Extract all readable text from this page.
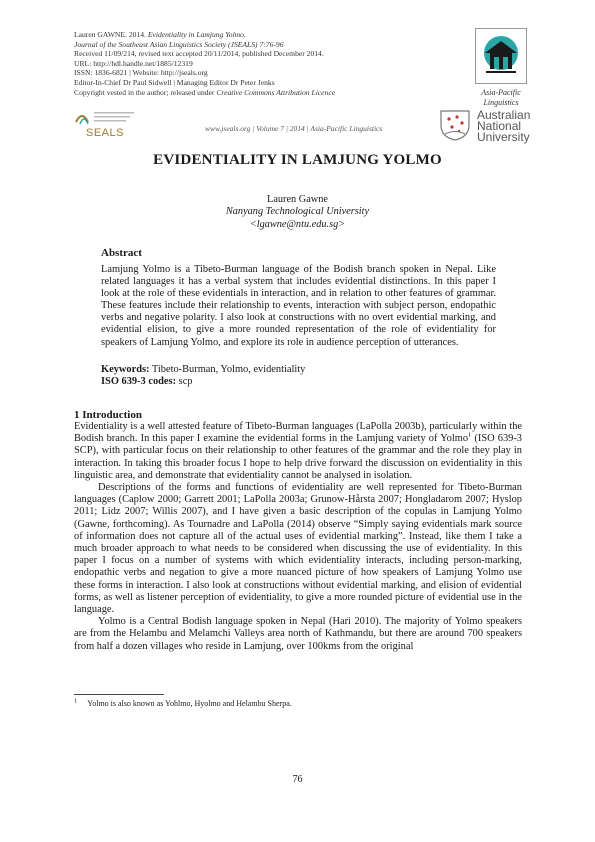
Lauren GAWNE. 2014. Evidentiality in Lamjung Yolmo.
Journal of the Southeast Asian Linguistics Society (JSEALS) 7:76-96
Received 11/09/214, revised text accepted 20/11/2014, published December 2014.
URL: http://hdl.handle.net/1885/12319
ISSN: 1836-6821 | Website: http://jseals.org
Editor-In-Chief Dr Paul Sidwell | Managing Editor Dr Peter Jenks
Copyright vested in the author; released under Creative Commons Attribution Licence	Asia-Pacific
Linguistics
SEALS	www.jseals.org | Volume 7 | 2014 | Asia-Pacific Linguistics
Australian
National
University
EVIDENTIALITY IN LAMJUNG YOLMO
Lauren Gawne
Nanyang Technological University
<lgawne@ntu.edu.sg>
Abstract
Lamjung Yolmo is a Tibeto-Burman language of the Bodish branch spoken in Nepal. Like related languages it has a verbal system that includes evidential distinctions. In this paper I look at the role of these evidentials in interaction, and in relation to other features of grammar. These features include their relationship to events, interaction with subject person, endopathic verbs and negative polarity. I also look at constructions with no overt evidential marking, and evidential elision, to give a more rounded representation of the role of evidentiality for speakers of Lamjung Yolmo, and explore its role in audience perception of utterances.
Keywords: Tibeto-Burman, Yolmo, evidentiality
ISO 639-3 codes: scp
1 Introduction

Evidentiality is a well attested feature of Tibeto-Burman languages (LaPolla 2003b), particularly within the Bodish branch. In this paper I examine the evidential forms in the Lamjung variety of Yolmo$^1$ (ISO 639-3 SCP), with particular focus on their relationship to other features of the grammar and the role they play in interaction. In taking this broader focus I hope to help drive forward the discussion on evidentiality in this linguistic area, and demonstrate that evidentiality cannot be analysed in isolation.

Descriptions of the forms and functions of evidentiality are well represented for Tibeto-Burman languages (Caplow 2000; Garrett 2001; LaPolla 2003a; Grunow-Hårsta 2007; Hongladarom 2007; Hyslop 2011; Lidz 2007; Willis 2007), and I have given a basic description of the copulas in Lamjung Yolmo (Gawne, forthcoming). As Tournadre and LaPolla (2014) observe “Simply saying evidentials mark source of information does not capture all of the actual uses of evidential marking”. Instead, like them I take a much broader approach to what needs to be considered when discussing the use of evidentiality. In this paper I focus on a number of systems with which evidentiality interacts, including person-marking, endopathic verbs and negation to give a more nuanced picture of how speakers of Lamjung Yolmo use these forms in interaction. I also look at constructions without evidential marking, and elision of evidential forms, as well as listener perception of evidentiality, to give a more rounded picture of evidential use in the language.

Yolmo is a Central Bodish language spoken in Nepal (Hari 2010). The majority of Yolmo speakers are from the Helambu and Melamchi Valleys area north of Kathmandu, but there are around 700 speakers from half a dozen villages who reside in Lamjung, over 100kms from the original

$^1$ Yolmo is also known as Yohlmo, Hyolmo and Helambu Sherpa.
76
